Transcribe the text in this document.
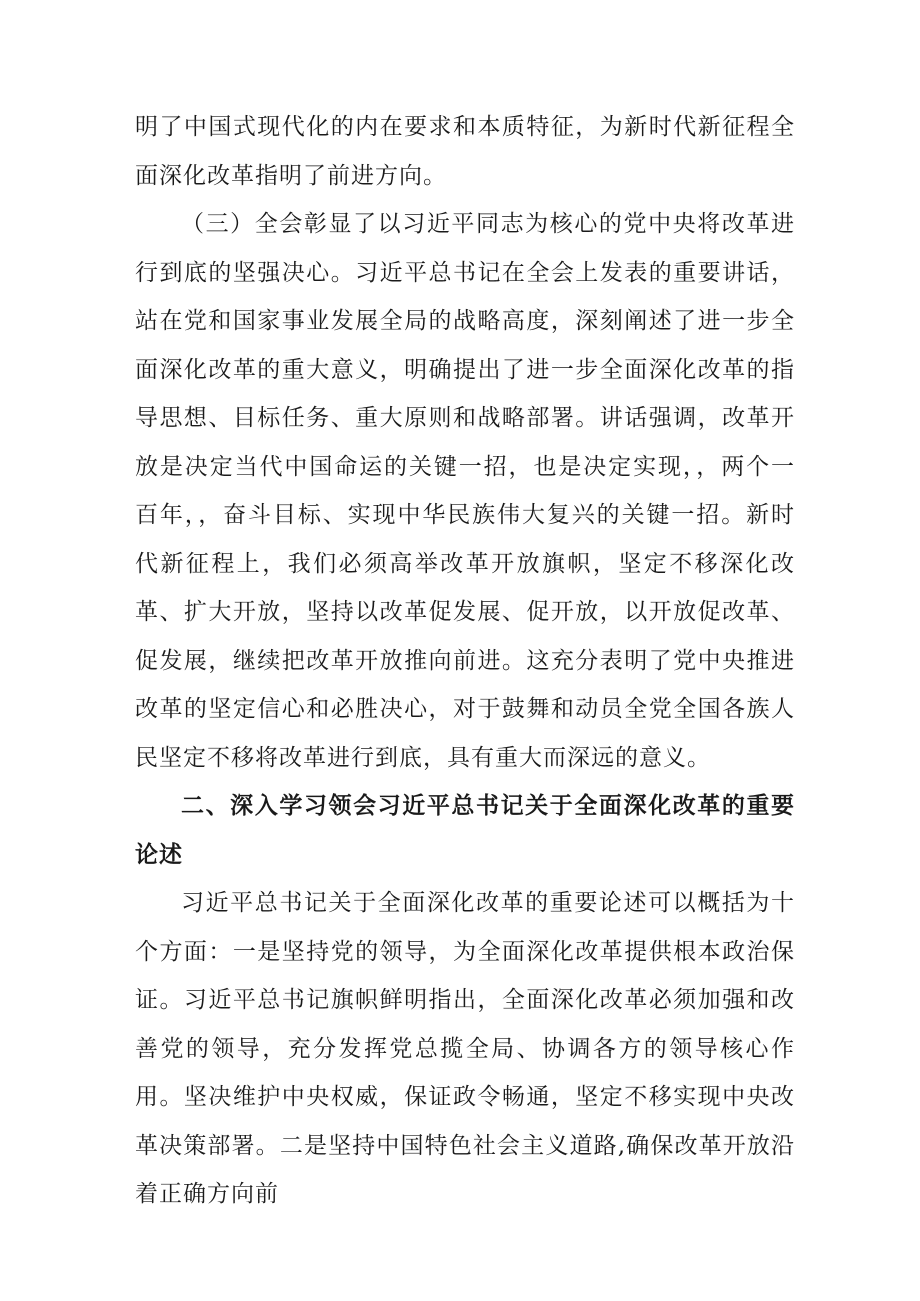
明了中国式现代化的内在要求和本质特征，为新时代新征程全面深化改革指明了前进方向。

（三）全会彰显了以习近平同志为核心的党中央将改革进行到底的坚强决心。习近平总书记在全会上发表的重要讲话，站在党和国家事业发展全局的战略高度，深刻阐述了进一步全面深化改革的重大意义，明确提出了进一步全面深化改革的指导思想、目标任务、重大原则和战略部署。讲话强调，改革开放是决定当代中国命运的关键一招，也是决定实现，，两个一百年，，奋斗目标、实现中华民族伟大复兴的关键一招。新时代新征程上，我们必须高举改革开放旗帜，坚定不移深化改革、扩大开放，坚持以改革促发展、促开放，以开放促改革、促发展，继续把改革开放推向前进。这充分表明了党中央推进改革的坚定信心和必胜决心，对于鼓舞和动员全党全国各族人民坚定不移将改革进行到底，具有重大而深远的意义。

二、深入学习领会习近平总书记关于全面深化改革的重要论述

习近平总书记关于全面深化改革的重要论述可以概括为十个方面：一是坚持党的领导，为全面深化改革提供根本政治保证。习近平总书记旗帜鲜明指出，全面深化改革必须加强和改善党的领导，充分发挥党总揽全局、协调各方的领导核心作用。坚决维护中央权威，保证政令畅通，坚定不移实现中央改革决策部署。二是坚持中国特色社会主义道路,确保改革开放沿着正确方向前
